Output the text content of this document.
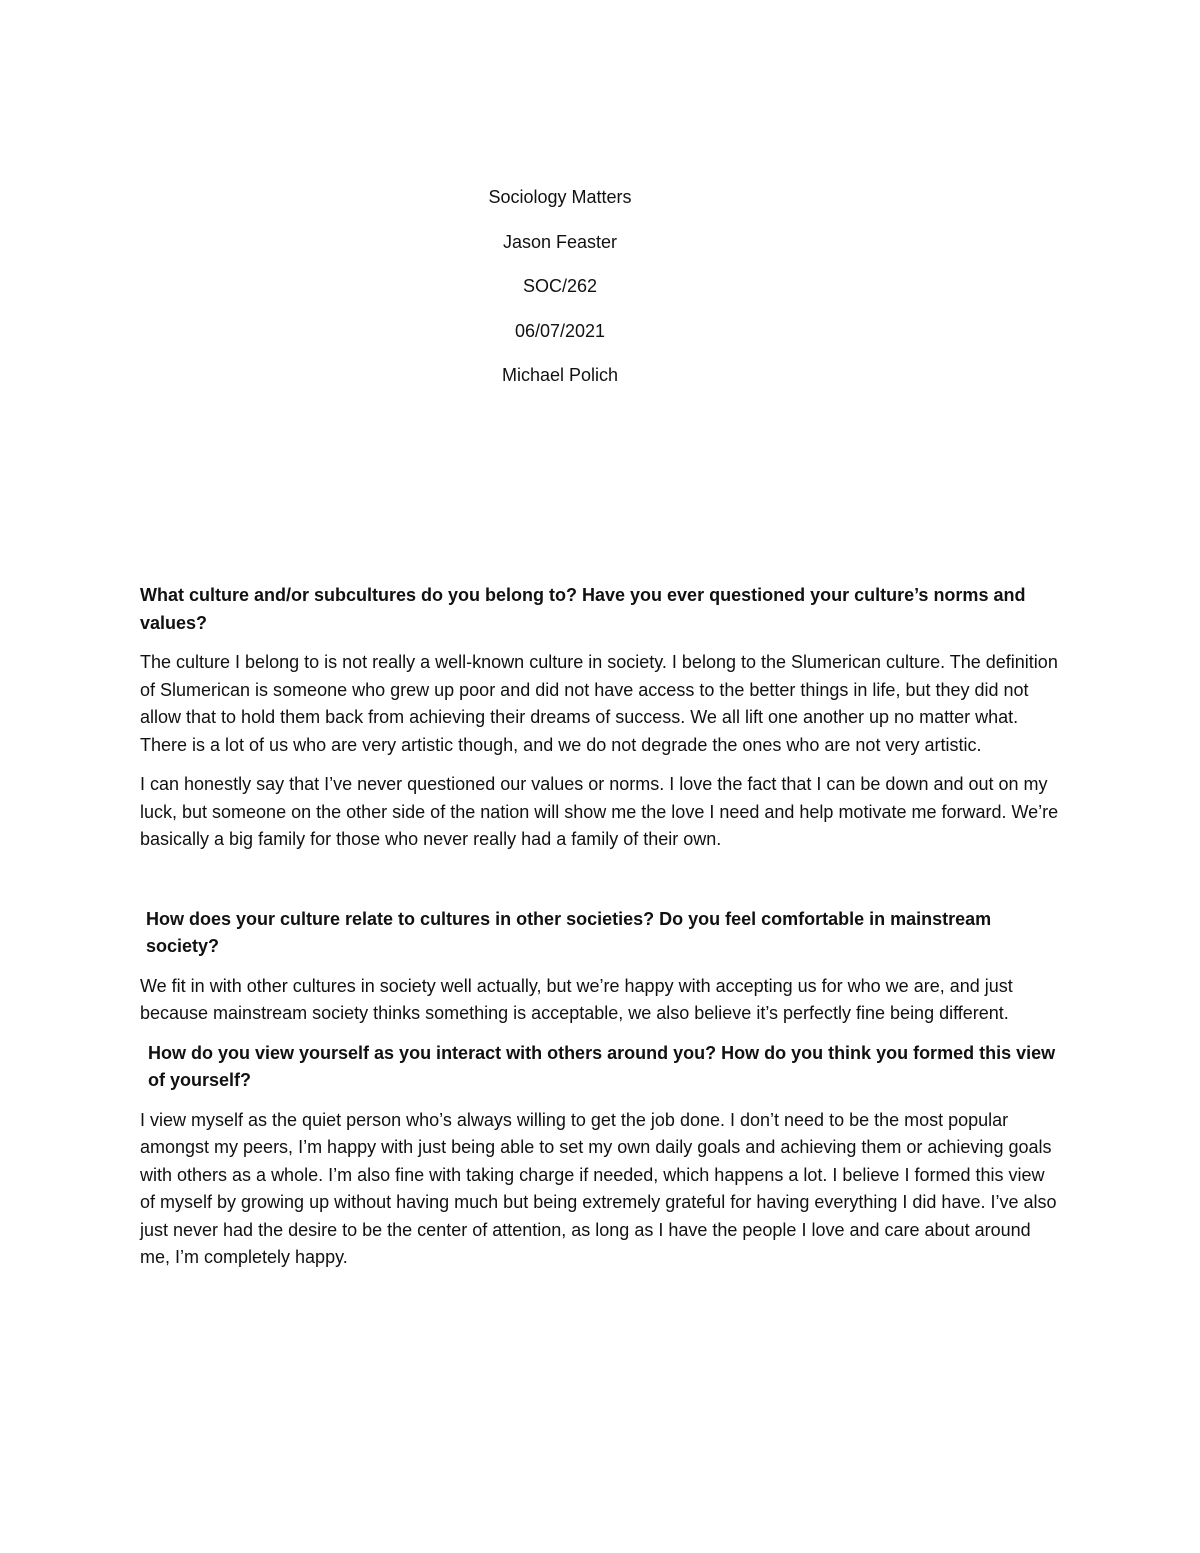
Sociology Matters
Jason Feaster
SOC/262
06/07/2021
Michael Polich

What culture and/or subcultures do you belong to? Have you ever questioned your culture’s norms and values?

The culture I belong to is not really a well-known culture in society. I belong to the Slumerican culture. The definition of Slumerican is someone who grew up poor and did not have access to the better things in life, but they did not allow that to hold them back from achieving their dreams of success. We all lift one another up no matter what. There is a lot of us who are very artistic though, and we do not degrade the ones who are not very artistic.

I can honestly say that I’ve never questioned our values or norms. I love the fact that I can be down and out on my luck, but someone on the other side of the nation will show me the love I need and help motivate me forward. We’re basically a big family for those who never really had a family of their own.

How does your culture relate to cultures in other societies? Do you feel comfortable in mainstream society?

We fit in with other cultures in society well actually, but we’re happy with accepting us for who we are, and just because mainstream society thinks something is acceptable, we also believe it’s perfectly fine being different.

How do you view yourself as you interact with others around you? How do you think you formed this view of yourself?

I view myself as the quiet person who’s always willing to get the job done. I don’t need to be the most popular amongst my peers, I’m happy with just being able to set my own daily goals and achieving them or achieving goals with others as a whole. I’m also fine with taking charge if needed, which happens a lot. I believe I formed this view of myself by growing up without having much but being extremely grateful for having everything I did have. I’ve also just never had the desire to be the center of attention, as long as I have the people I love and care about around me, I’m completely happy.
